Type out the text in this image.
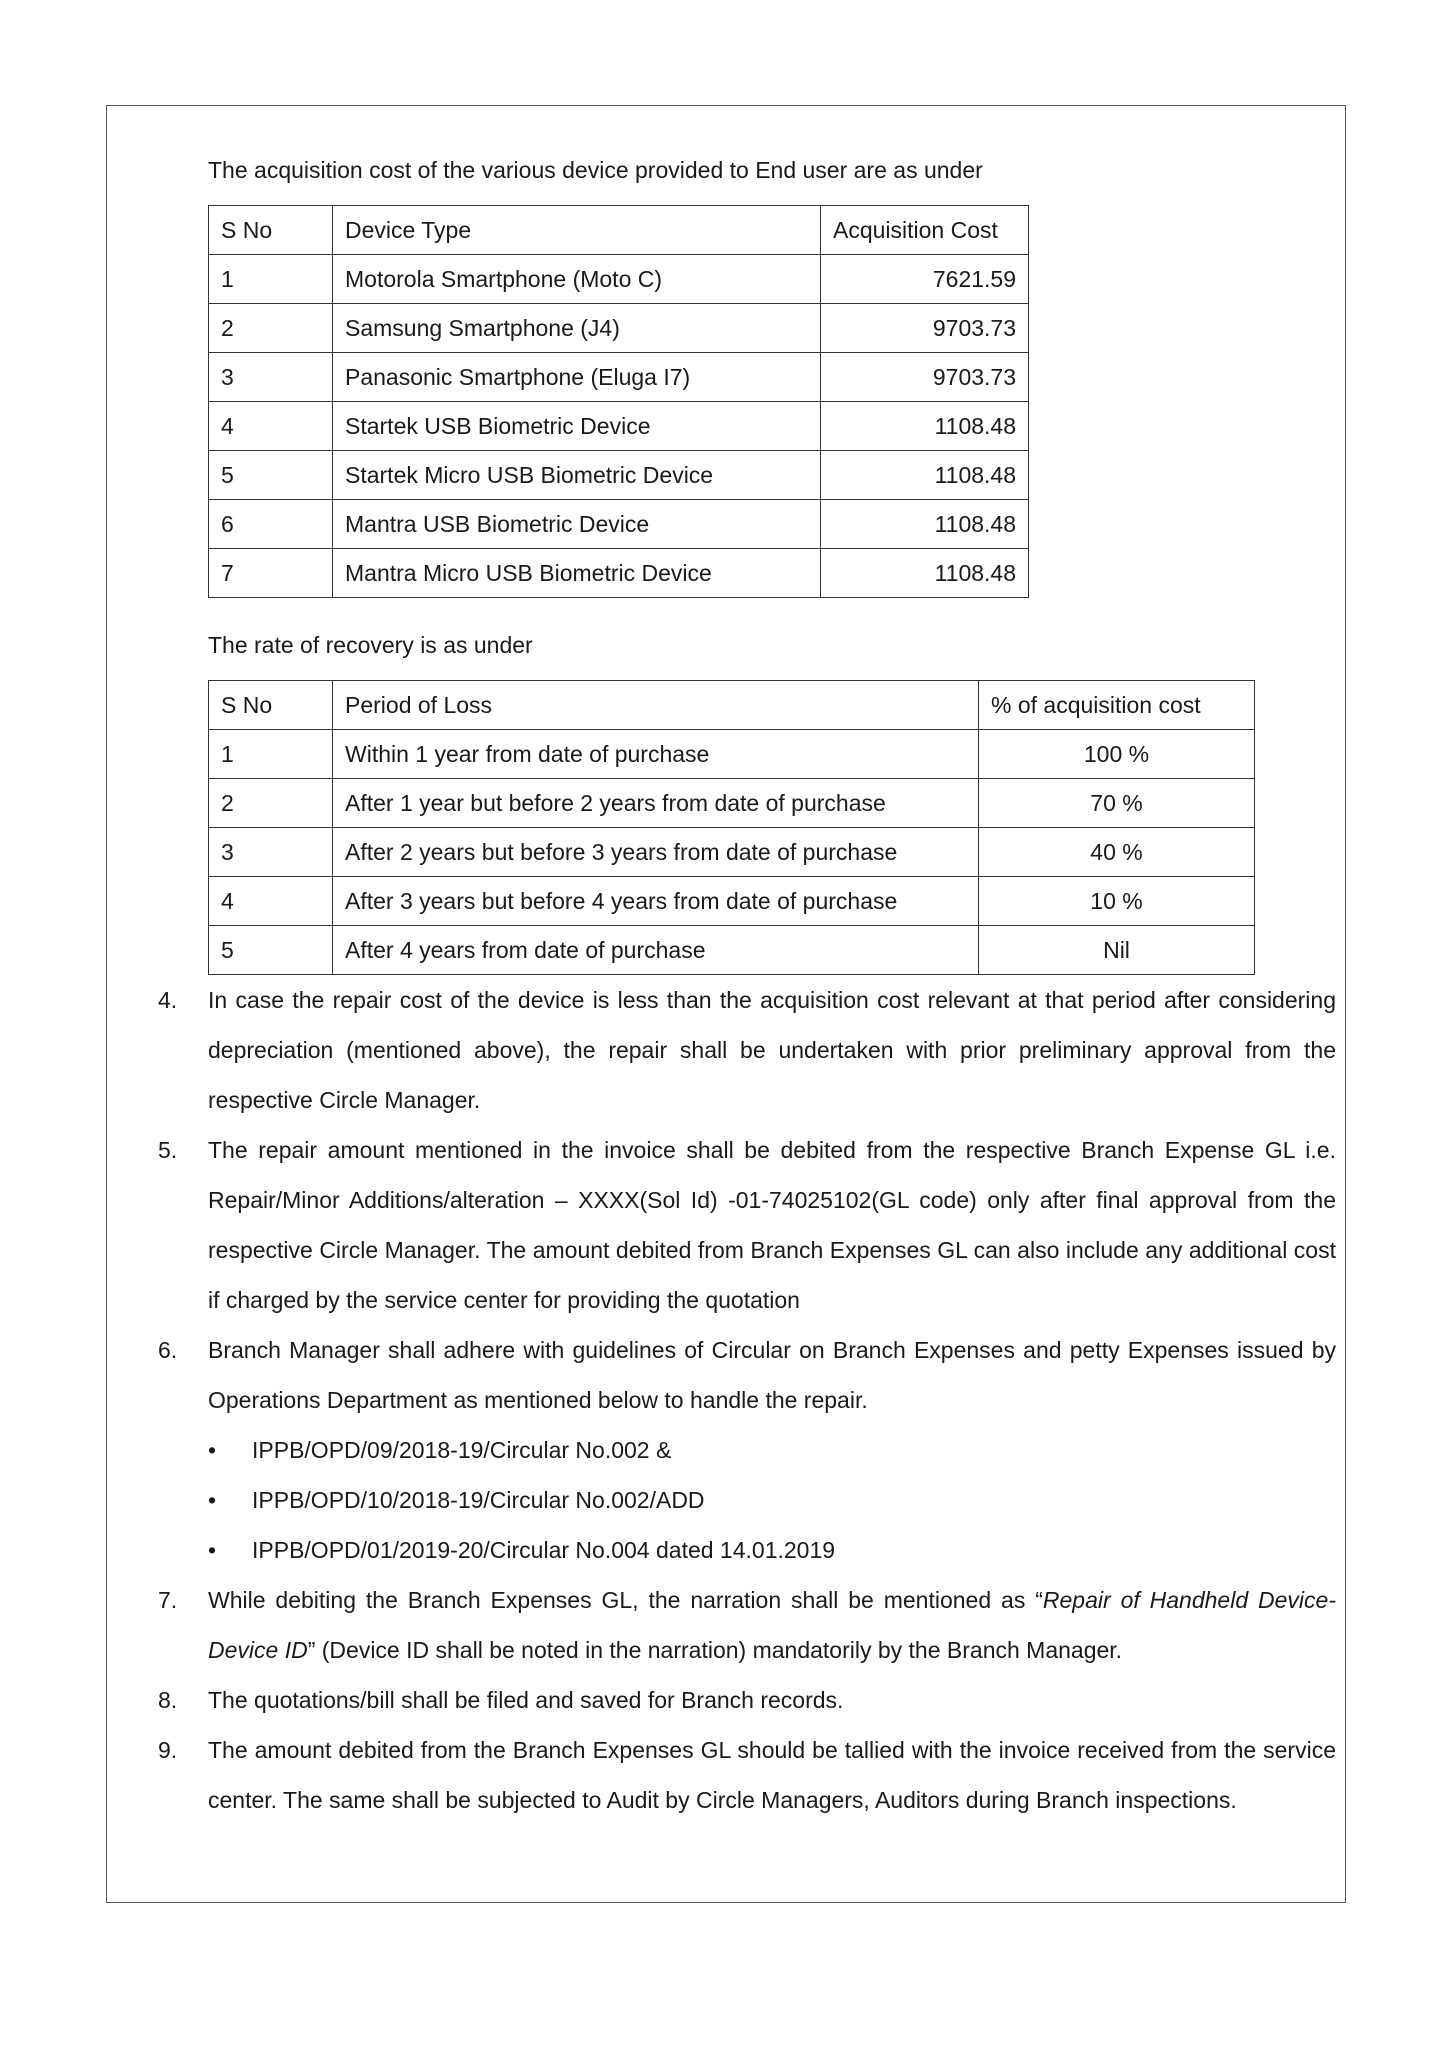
The acquisition cost of the various device provided to End user are as under
S No	Device Type	Acquisition Cost
1	Motorola Smartphone (Moto C)	7621.59
2	Samsung Smartphone (J4)	9703.73
3	Panasonic Smartphone (Eluga I7)	9703.73
4	Startek USB Biometric Device	1108.48
5	Startek Micro USB Biometric Device	1108.48
6	Mantra USB Biometric Device	1108.48
7	Mantra Micro USB Biometric Device	1108.48
The rate of recovery is as under
S No	Period of Loss	% of acquisition cost
1	Within 1 year from date of purchase	100 %
2	After 1 year but before 2 years from date of purchase	70 %
3	After 2 years but before 3 years from date of purchase	40 %
4	After 3 years but before 4 years from date of purchase	10 %
5	After 4 years from date of purchase	Nil
4.	In case the repair cost of the device is less than the acquisition cost relevant at that period after considering depreciation (mentioned above), the repair shall be undertaken with prior preliminary approval from the respective Circle Manager.
5.	The repair amount mentioned in the invoice shall be debited from the respective Branch Expense GL i.e. Repair/Minor Additions/alteration – XXXX(Sol Id) -01-74025102(GL code) only after final approval from the respective Circle Manager. The amount debited from Branch Expenses GL can also include any additional cost if charged by the service center for providing the quotation
6.	Branch Manager shall adhere with guidelines of Circular on Branch Expenses and petty Expenses issued by Operations Department as mentioned below to handle the repair.
• IPPB/OPD/09/2018-19/Circular No.002 &
• IPPB/OPD/10/2018-19/Circular No.002/ADD
• IPPB/OPD/01/2019-20/Circular No.004 dated 14.01.2019
7.	While debiting the Branch Expenses GL, the narration shall be mentioned as “Repair of Handheld Device-Device ID” (Device ID shall be noted in the narration) mandatorily by the Branch Manager.
8.	The quotations/bill shall be filed and saved for Branch records.
9.	The amount debited from the Branch Expenses GL should be tallied with the invoice received from the service center. The same shall be subjected to Audit by Circle Managers, Auditors during Branch inspections.
